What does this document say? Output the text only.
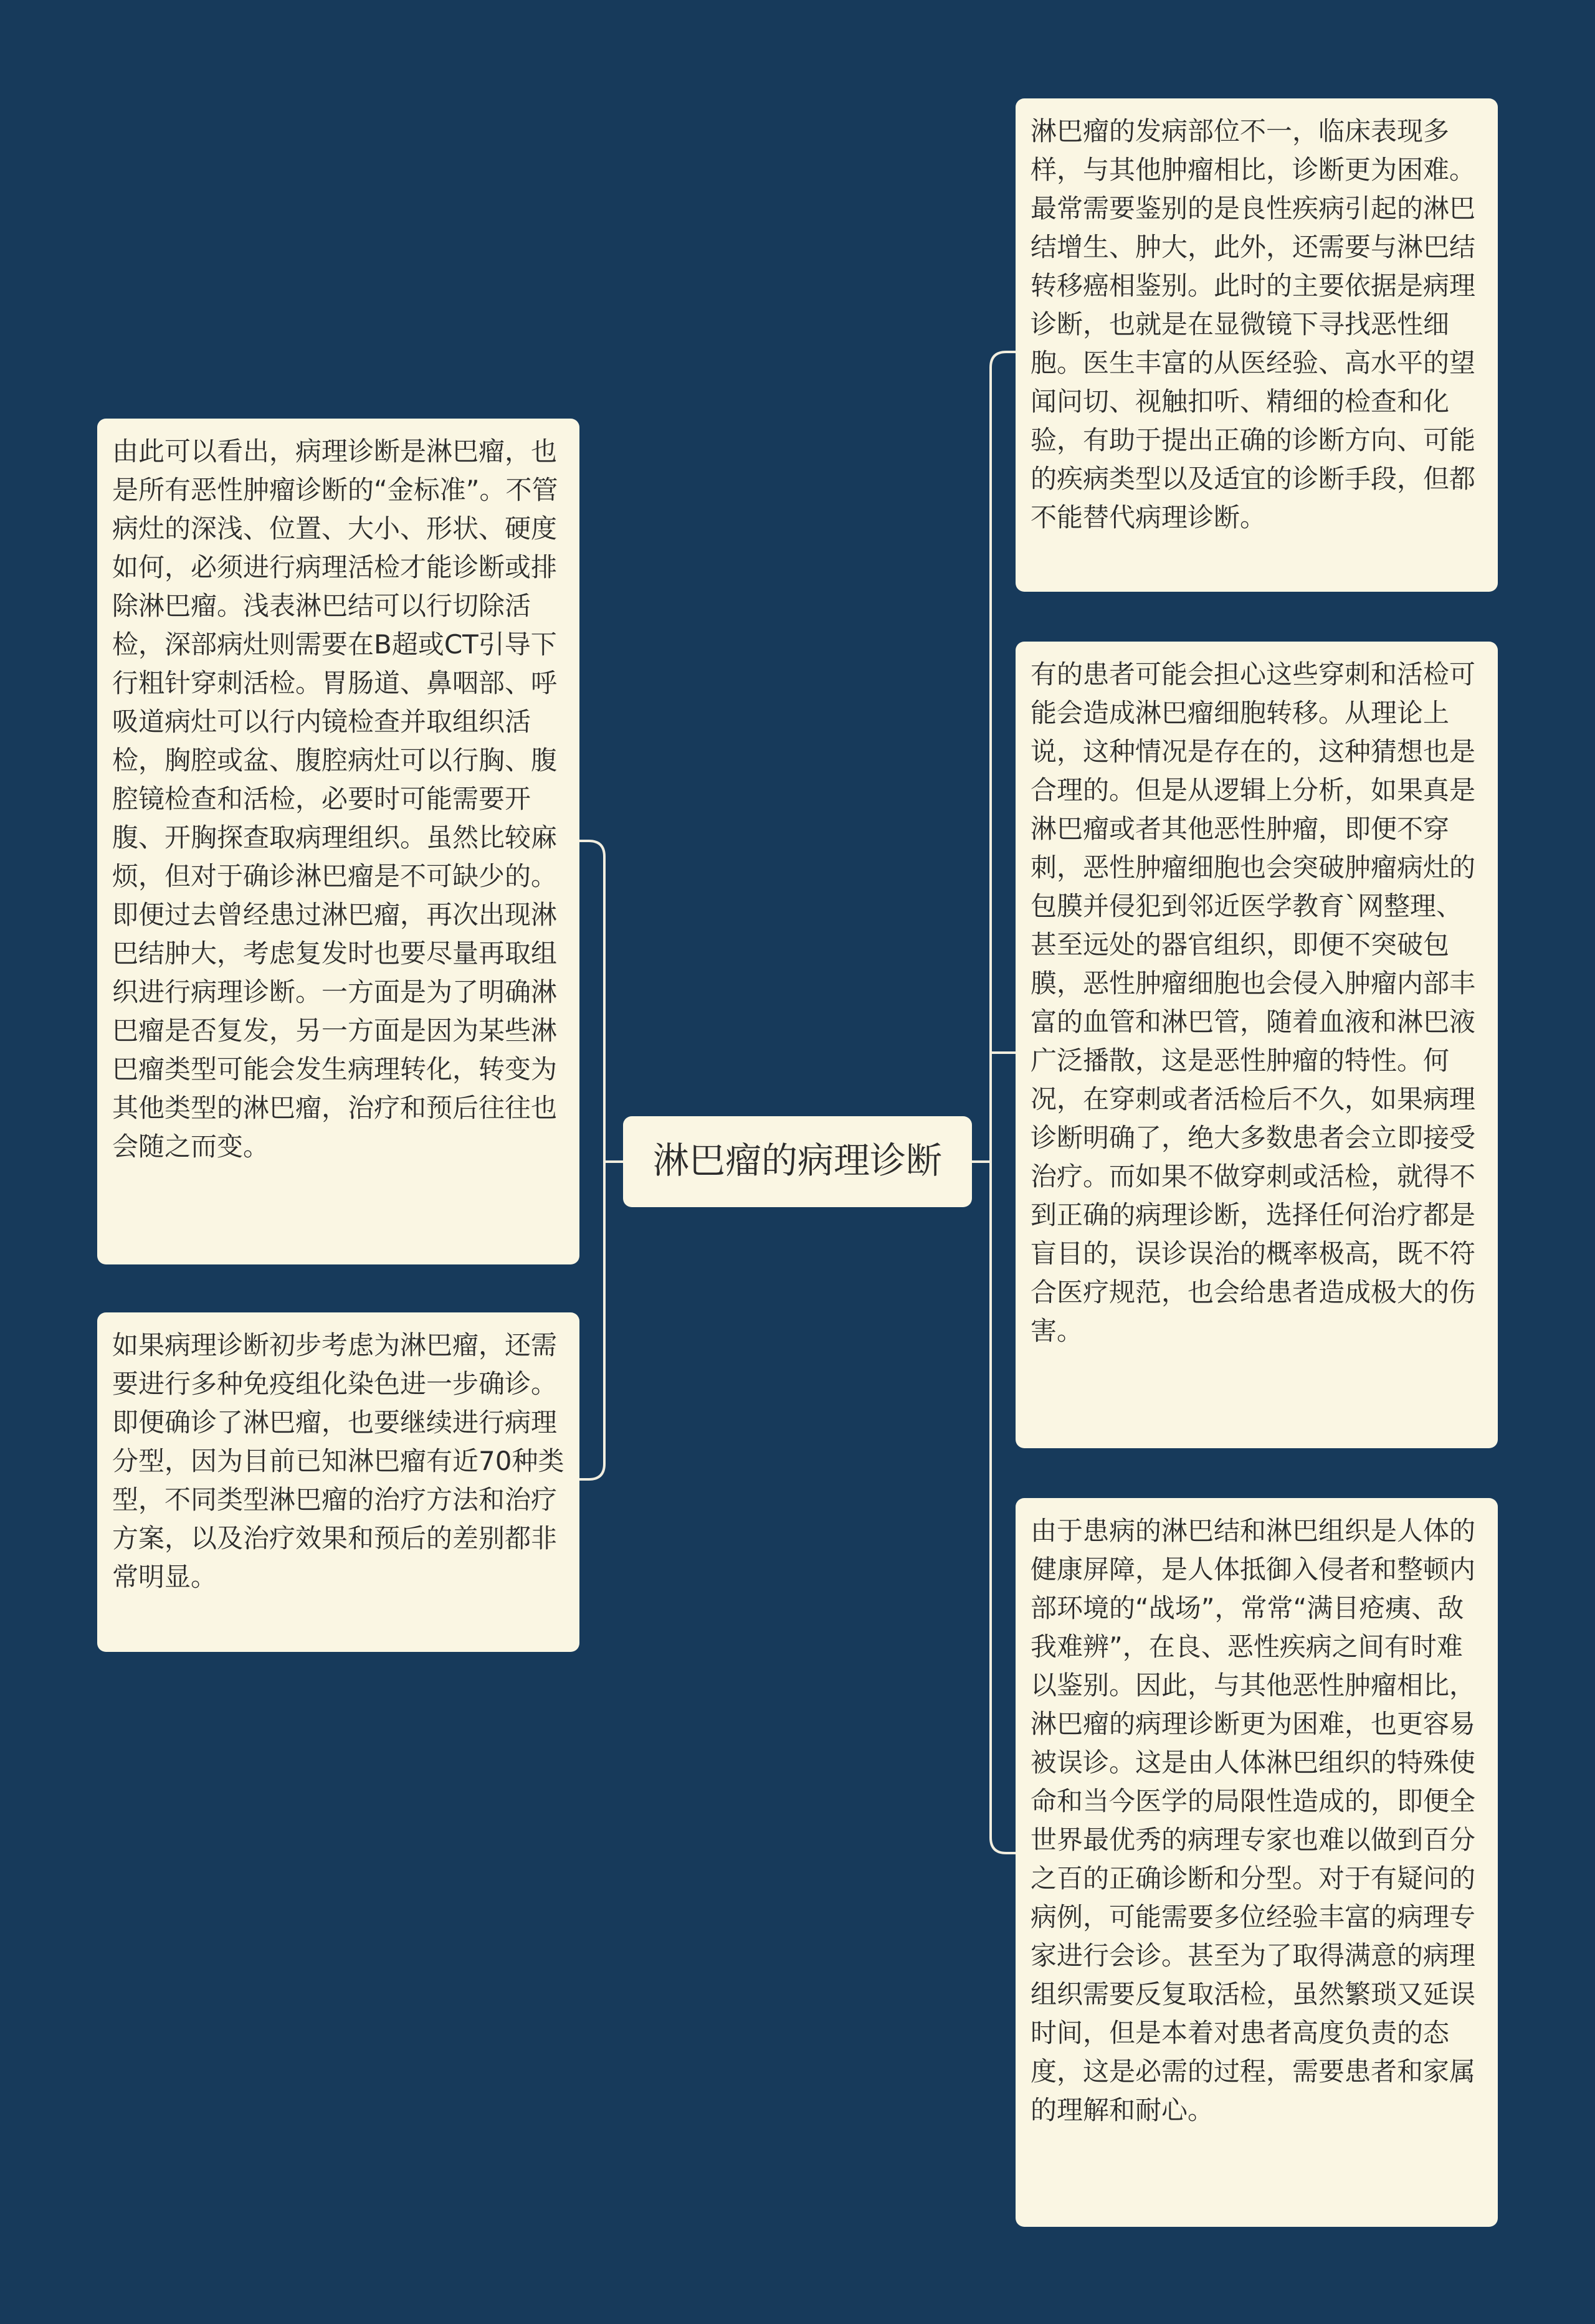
淋巴瘤的病理诊断
由此可以看出，病理诊断是淋巴瘤，也是所有恶性肿瘤诊断的“金标准”。不管病灶的深浅、位置、大小、形状、硬度如何，必须进行病理活检才能诊断或排除淋巴瘤。浅表淋巴结可以行切除活检，深部病灶则需要在B超或CT引导下行粗针穿刺活检。胃肠道、鼻咽部、呼吸道病灶可以行内镜检查并取组织活检，胸腔或盆、腹腔病灶可以行胸、腹腔镜检查和活检，必要时可能需要开腹、开胸探查取病理组织。虽然比较麻烦，但对于确诊淋巴瘤是不可缺少的。即便过去曾经患过淋巴瘤，再次出现淋巴结肿大，考虑复发时也要尽量再取组织进行病理诊断。一方面是为了明确淋巴瘤是否复发，另一方面是因为某些淋巴瘤类型可能会发生病理转化，转变为其他类型的淋巴瘤，治疗和预后往往也会随之而变。
如果病理诊断初步考虑为淋巴瘤，还需要进行多种免疫组化染色进一步确诊。即便确诊了淋巴瘤，也要继续进行病理分型，因为目前已知淋巴瘤有近70种类型，不同类型淋巴瘤的治疗方法和治疗方案，以及治疗效果和预后的差别都非常明显。
淋巴瘤的发病部位不一，临床表现多样，与其他肿瘤相比，诊断更为困难。最常需要鉴别的是良性疾病引起的淋巴结增生、肿大，此外，还需要与淋巴结转移癌相鉴别。此时的主要依据是病理诊断，也就是在显微镜下寻找恶性细胞。医生丰富的从医经验、高水平的望闻问切、视触扣听、精细的检查和化验，有助于提出正确的诊断方向、可能的疾病类型以及适宜的诊断手段，但都不能替代病理诊断。
有的患者可能会担心这些穿刺和活检可能会造成淋巴瘤细胞转移。从理论上说，这种情况是存在的，这种猜想也是合理的。但是从逻辑上分析，如果真是淋巴瘤或者其他恶性肿瘤，即便不穿刺，恶性肿瘤细胞也会突破肿瘤病灶的包膜并侵犯到邻近医学教育`网整理、甚至远处的器官组织，即便不突破包膜，恶性肿瘤细胞也会侵入肿瘤内部丰富的血管和淋巴管，随着血液和淋巴液广泛播散，这是恶性肿瘤的特性。何况，在穿刺或者活检后不久，如果病理诊断明确了，绝大多数患者会立即接受治疗。而如果不做穿刺或活检，就得不到正确的病理诊断，选择任何治疗都是盲目的，误诊误治的概率极高，既不符合医疗规范，也会给患者造成极大的伤害。
由于患病的淋巴结和淋巴组织是人体的健康屏障，是人体抵御入侵者和整顿内部环境的“战场”，常常“满目疮痍、敌我难辨”，在良、恶性疾病之间有时难以鉴别。因此，与其他恶性肿瘤相比，淋巴瘤的病理诊断更为困难，也更容易被误诊。这是由人体淋巴组织的特殊使命和当今医学的局限性造成的，即便全世界最优秀的病理专家也难以做到百分之百的正确诊断和分型。对于有疑问的病例，可能需要多位经验丰富的病理专家进行会诊。甚至为了取得满意的病理组织需要反复取活检，虽然繁琐又延误时间，但是本着对患者高度负责的态度，这是必需的过程，需要患者和家属的理解和耐心。
